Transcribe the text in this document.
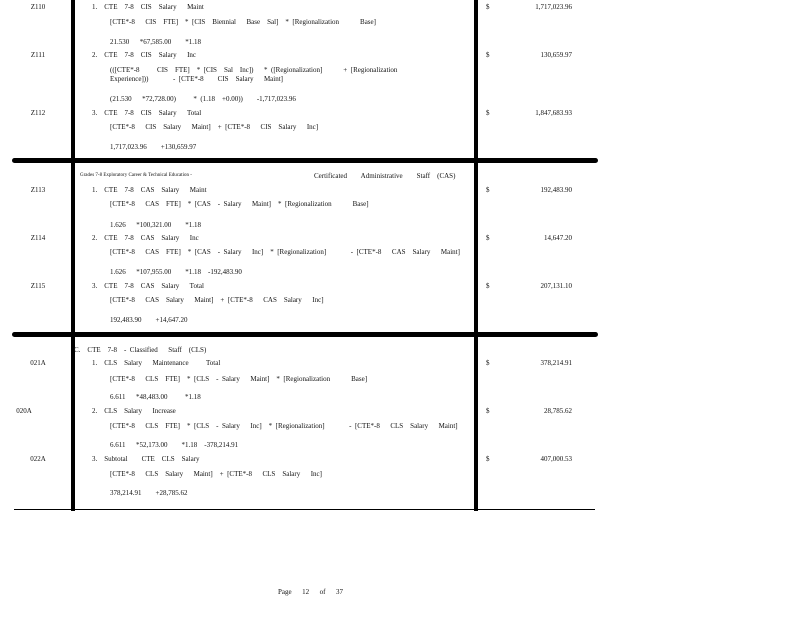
Z110	1.    CTE    7-8    CIS    Salary      Maint
[CTE*-8      CIS    FTE]    *  [CIS    Biennial      Base    Sal]    *  [Regionalization            Base]
21.530      *67,585.00        *1.18
$	1,717,023.96
Z111	2.    CTE    7-8    CIS    Salary      Inc
(([CTE*-8          CIS    FTE]    *  [CIS    Sal    Inc])      *  ([Regionalization]            +  [Regionalization
Experience]))              -  [CTE*-8        CIS    Salary      Maint]
(21.530      *72,728.00)          *  (1.18    +0.00))        -1,717,023.96
$	130,659.97
Z112	3.    CTE    7-8    CIS    Salary      Total
[CTE*-8      CIS    Salary      Maint]    +  [CTE*-8      CIS    Salary      Inc]
1,717,023.96        +130,659.97
$	1,847,683.93
Grades 7-8 Exploratory Career & Technical Education -	Certificated        Administrative        Staff    (CAS)
Z113	1.    CTE    7-8    CAS    Salary      Maint
[CTE*-8      CAS    FTE]    *  [CAS    -  Salary      Maint]    *  [Regionalization            Base]
1.626      *100,321.00        *1.18
$	192,483.90
Z114	2.    CTE    7-8    CAS    Salary      Inc
[CTE*-8      CAS    FTE]    *  [CAS    -  Salary      Inc]    *  [Regionalization]              -  [CTE*-8      CAS    Salary      Maint]
1.626      *107,955.00        *1.18    -192,483.90
$	14,647.20
Z115	3.    CTE    7-8    CAS    Salary      Total
[CTE*-8      CAS    Salary      Maint]    +  [CTE*-8      CAS    Salary      Inc]
192,483.90        +14,647.20
$	207,131.10
C.    CTE    7-8    -  Classified      Staff    (CLS)
021A	1.    CLS    Salary      Maintenance          Total
[CTE*-8      CLS    FTE]    *  [CLS    -  Salary      Maint]    *  [Regionalization            Base]
6.611      *48,483.00          *1.18
$	378,214.91
020A	2.    CLS    Salary      Increase
[CTE*-8      CLS    FTE]    *  [CLS    -  Salary      Inc]    *  [Regionalization]              -  [CTE*-8      CLS    Salary      Maint]
6.611      *52,173.00        *1.18    -378,214.91
$	28,785.62
022A	3.    Subtotal        CTE    CLS    Salary
[CTE*-8      CLS    Salary      Maint]    +  [CTE*-8      CLS    Salary      Inc]
378,214.91        +28,785.62
$	407,000.53
Page      12      of      37
